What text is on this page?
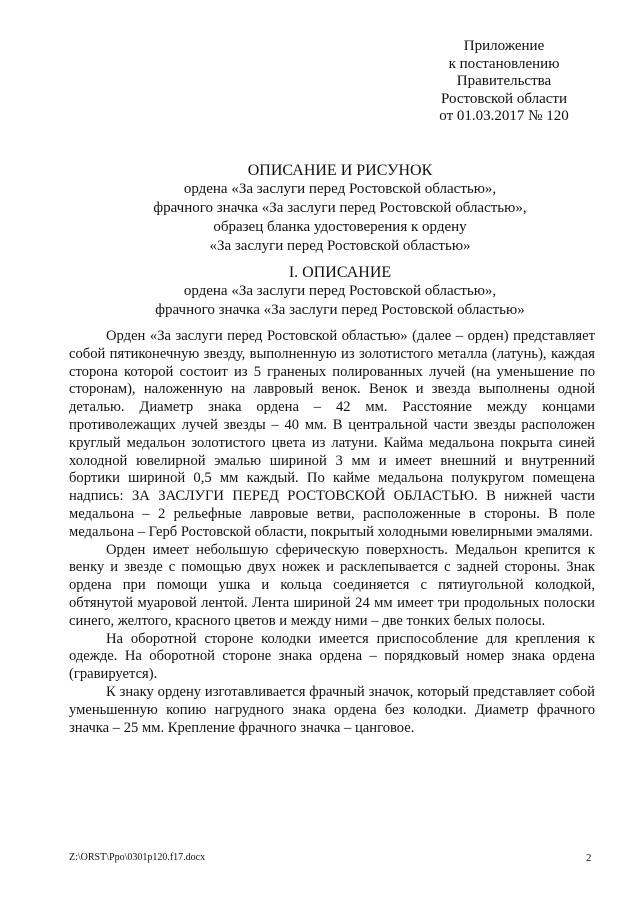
Приложение
к постановлению
Правительства
Ростовской области
от 01.03.2017 № 120
ОПИСАНИЕ И РИСУНОК
ордена «За заслуги перед Ростовской областью»,
фрачного значка «За заслуги перед Ростовской областью»,
образец бланка удостоверения к ордену
«За заслуги перед Ростовской областью»
I. ОПИСАНИЕ
ордена «За заслуги перед Ростовской областью»,
фрачного значка «За заслуги перед Ростовской областью»

Орден «За заслуги перед Ростовской областью» (далее – орден) представляет собой пятиконечную звезду, выполненную из золотистого металла (латунь), каждая сторона которой состоит из 5 граненых полированных лучей (на уменьшение по сторонам), наложенную на лавровый венок. Венок и звезда выполнены одной деталью. Диаметр знака ордена – 42 мм. Расстояние между концами противолежащих лучей звезды – 40 мм. В центральной части звезды расположен круглый медальон золотистого цвета из латуни. Кайма медальона покрыта синей холодной ювелирной эмалью шириной 3 мм и имеет внешний и внутренний бортики шириной 0,5 мм каждый. По кайме медальона полукругом помещена надпись: ЗА ЗАСЛУГИ ПЕРЕД РОСТОВСКОЙ ОБЛАСТЬЮ. В нижней части медальона – 2 рельефные лавровые ветви, расположенные в стороны. В поле медальона – Герб Ростовской области, покрытый холодными ювелирными эмалями.

Орден имеет небольшую сферическую поверхность. Медальон крепится к венку и звезде с помощью двух ножек и расклепывается с задней стороны. Знак ордена при помощи ушка и кольца соединяется с пятиугольной колодкой, обтянутой муаровой лентой. Лента шириной 24 мм имеет три продольных полоски синего, желтого, красного цветов и между ними – две тонких белых полосы.

На оборотной стороне колодки имеется приспособление для крепления к одежде. На оборотной стороне знака ордена – порядковый номер знака ордена (гравируется).

К знаку ордену изготавливается фрачный значок, который представляет собой уменьшенную копию нагрудного знака ордена без колодки. Диаметр фрачного значка – 25 мм. Крепление фрачного значка – цанговое.

Z:\ORST\Ppo\0301p120.f17.docx	2
